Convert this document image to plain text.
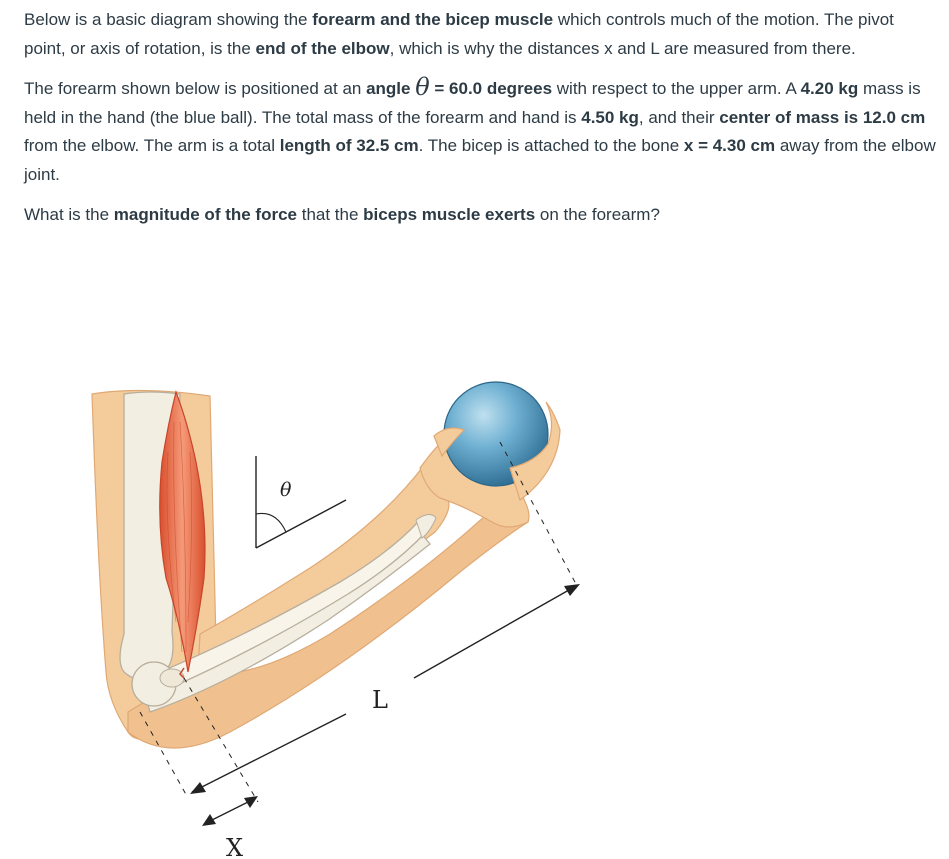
Below is a basic diagram showing the forearm and the bicep muscle which controls much of the motion. The pivot point, or axis of rotation, is the end of the elbow, which is why the distances x and L are measured from there.

The forearm shown below is positioned at an angle θ = 60.0 degrees with respect to the upper arm. A 4.20 kg mass is held in the hand (the blue ball). The total mass of the forearm and hand is 4.50 kg, and their center of mass is 12.0 cm from the elbow. The arm is a total length of 32.5 cm. The bicep is attached to the bone x = 4.30 cm away from the elbow joint.

What is the magnitude of the force that the biceps muscle exerts on the forearm?

θ
L
X
